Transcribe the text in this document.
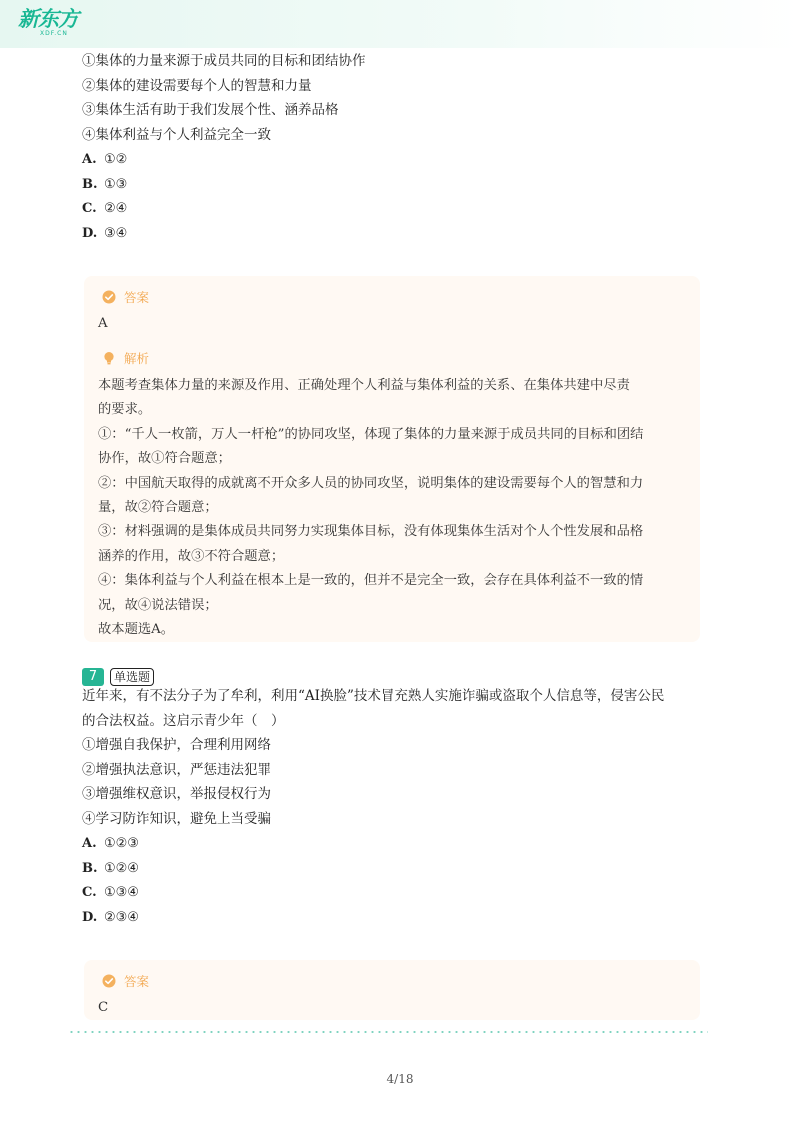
新东方
XDF.CN
①集体的力量来源于成员共同的目标和团结协作
②集体的建设需要每个人的智慧和力量
③集体生活有助于我们发展个性、涵养品格
④集体利益与个人利益完全一致
A. ①②
B. ①③
C. ②④
D. ③④
答案
A
解析
本题考查集体力量的来源及作用、正确处理个人利益与集体利益的关系、在集体共建中尽责
的要求。
①：“千人一枚箭，万人一杆枪”的协同攻坚，体现了集体的力量来源于成员共同的目标和团结
协作，故①符合题意；
②：中国航天取得的成就离不开众多人员的协同攻坚，说明集体的建设需要每个人的智慧和力
量，故②符合题意；
③：材料强调的是集体成员共同努力实现集体目标，没有体现集体生活对个人个性发展和品格
涵养的作用，故③不符合题意；
④：集体利益与个人利益在根本上是一致的，但并不是完全一致，会存在具体利益不一致的情
况，故④说法错误；
故本题选A。
7 单选题
近年来，有不法分子为了牟利，利用“AI换脸”技术冒充熟人实施诈骗或盗取个人信息等，侵害公民
的合法权益。这启示青少年（　）
①增强自我保护，合理利用网络
②增强执法意识，严惩违法犯罪
③增强维权意识，举报侵权行为
④学习防诈知识，避免上当受骗
A. ①②③
B. ①②④
C. ①③④
D. ②③④
答案
C
4/18
